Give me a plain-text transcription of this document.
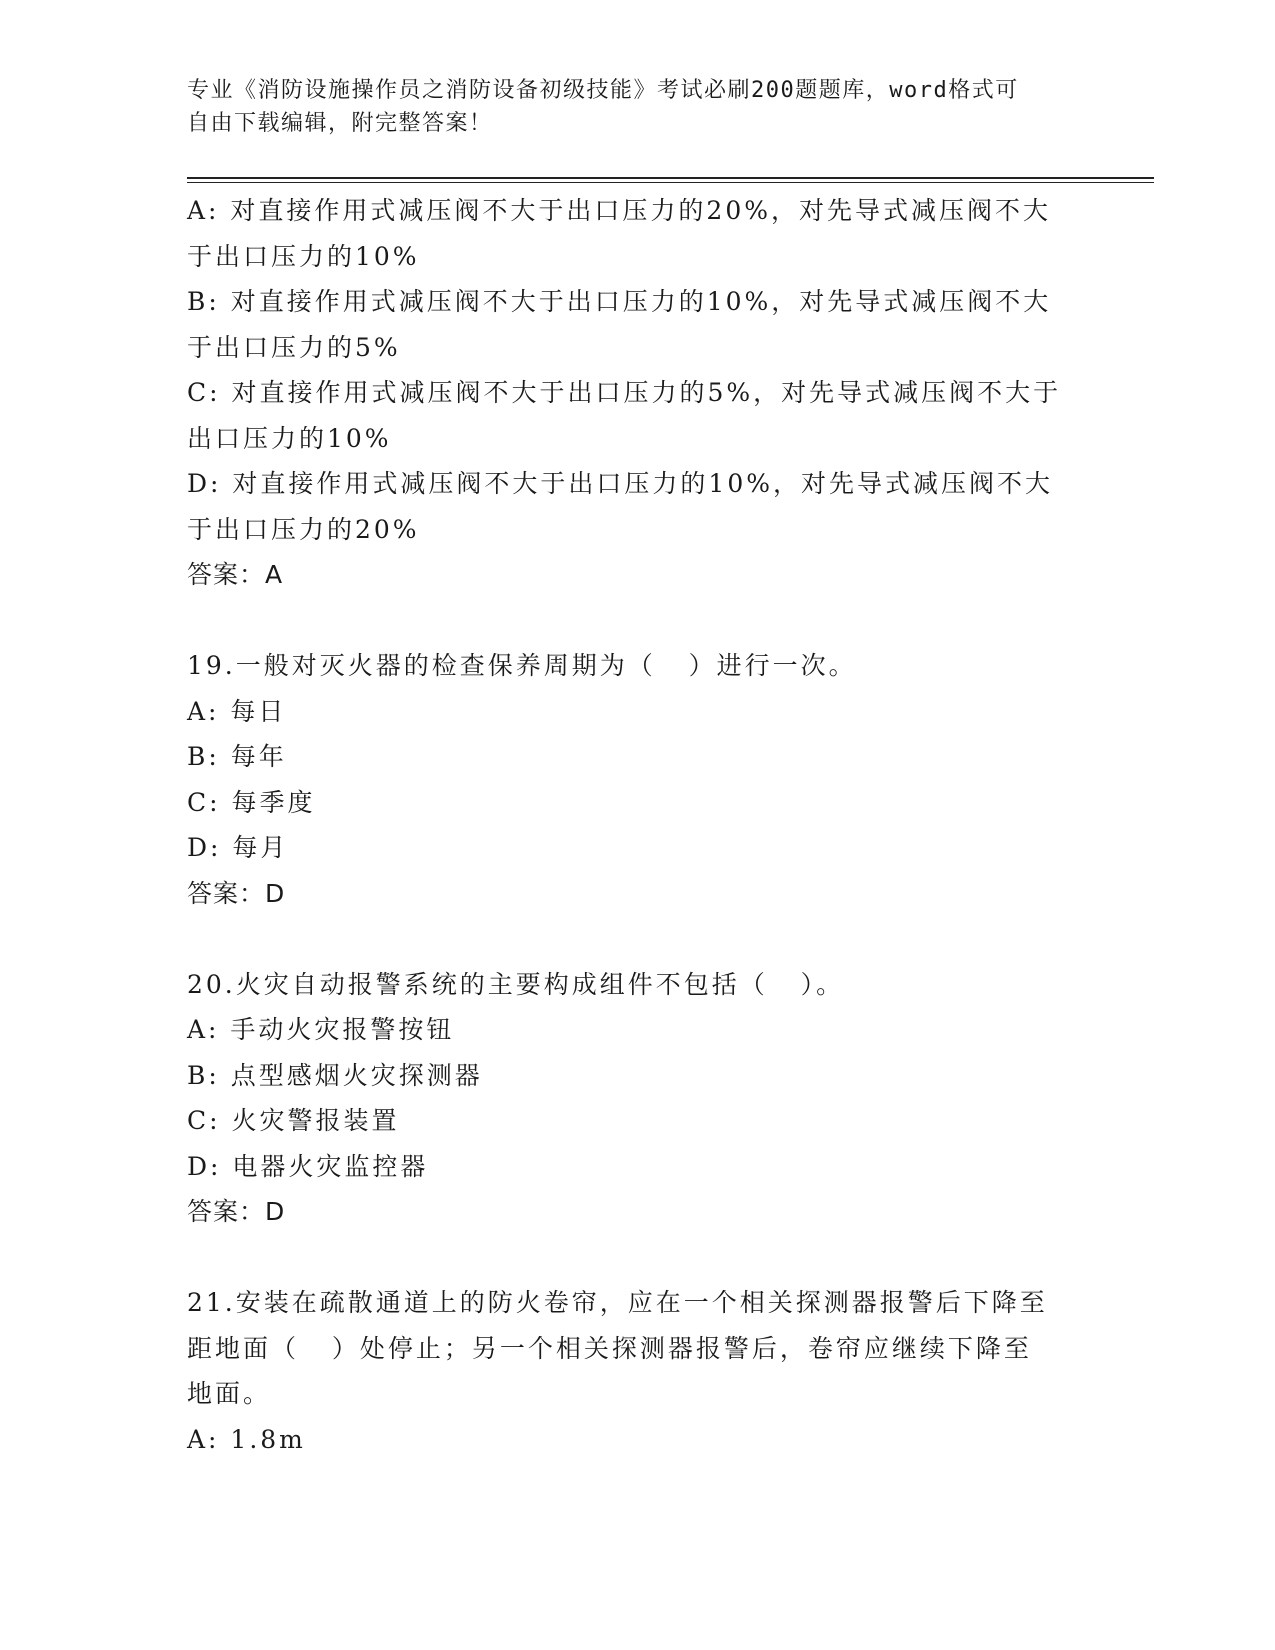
专业《消防设施操作员之消防设备初级技能》考试必刷200题题库，word格式可
自由下载编辑，附完整答案！
A: 对直接作用式减压阀不大于出口压力的20%，对先导式减压阀不大
于出口压力的10%
B: 对直接作用式减压阀不大于出口压力的10%，对先导式减压阀不大
于出口压力的5%
C: 对直接作用式减压阀不大于出口压力的5%，对先导式减压阀不大于
出口压力的10%
D: 对直接作用式减压阀不大于出口压力的10%，对先导式减压阀不大
于出口压力的20%
答案：A
19.一般对灭火器的检查保养周期为（   ）进行一次。
A: 每日
B: 每年
C: 每季度
D: 每月
答案：D
20.火灾自动报警系统的主要构成组件不包括（   ）。
A: 手动火灾报警按钮
B: 点型感烟火灾探测器
C: 火灾警报装置
D: 电器火灾监控器
答案：D
21.安装在疏散通道上的防火卷帘，应在一个相关探测器报警后下降至
距地面（   ）处停止；另一个相关探测器报警后，卷帘应继续下降至
地面。
A: 1.8m
